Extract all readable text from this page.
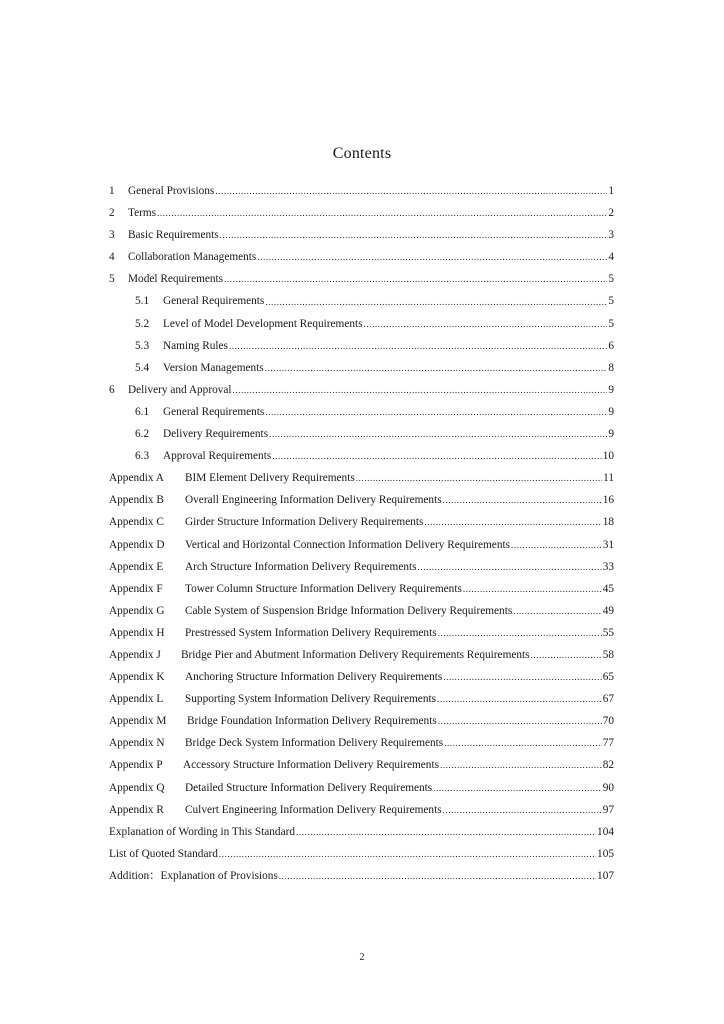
Contents
1	General Provisions .....	1
2	Terms .....	2
3	Basic Requirements .....	3
4	Collaboration Managements .....	4
5	Model Requirements .....	5
5.1	General Requirements .....	5
5.2	Level of Model Development Requirements .....	5
5.3	Naming Rules .....	6
5.4	Version Managements .....	8
6	Delivery and Approval .....	9
6.1	General Requirements .....	9
6.2	Delivery Requirements .....	9
6.3	Approval Requirements .....	10
Appendix A	BIM Element Delivery Requirements .....	11
Appendix B	Overall Engineering Information Delivery Requirements .....	16
Appendix C	Girder Structure Information Delivery Requirements .....	18
Appendix D	Vertical and Horizontal Connection Information Delivery Requirements .....	31
Appendix E	Arch Structure Information Delivery Requirements .....	33
Appendix F	Tower Column Structure Information Delivery Requirements .....	45
Appendix G	Cable System of Suspension Bridge Information Delivery Requirements .....	49
Appendix H	Prestressed System Information Delivery Requirements .....	55
Appendix J	Bridge Pier and Abutment Information Delivery Requirements Requirements .....	58
Appendix K	Anchoring Structure Information Delivery Requirements .....	65
Appendix L	Supporting System Information Delivery Requirements .....	67
Appendix M	Bridge Foundation Information Delivery Requirements .....	70
Appendix N	Bridge Deck System Information Delivery Requirements .....	77
Appendix P	Accessory Structure Information Delivery Requirements .....	82
Appendix Q	Detailed Structure Information Delivery Requirements .....	90
Appendix R	Culvert Engineering Information Delivery Requirements .....	97
Explanation of Wording in This Standard .....	104
List of Quoted Standard .....	105
Addition：Explanation of Provisions .....	107
2
